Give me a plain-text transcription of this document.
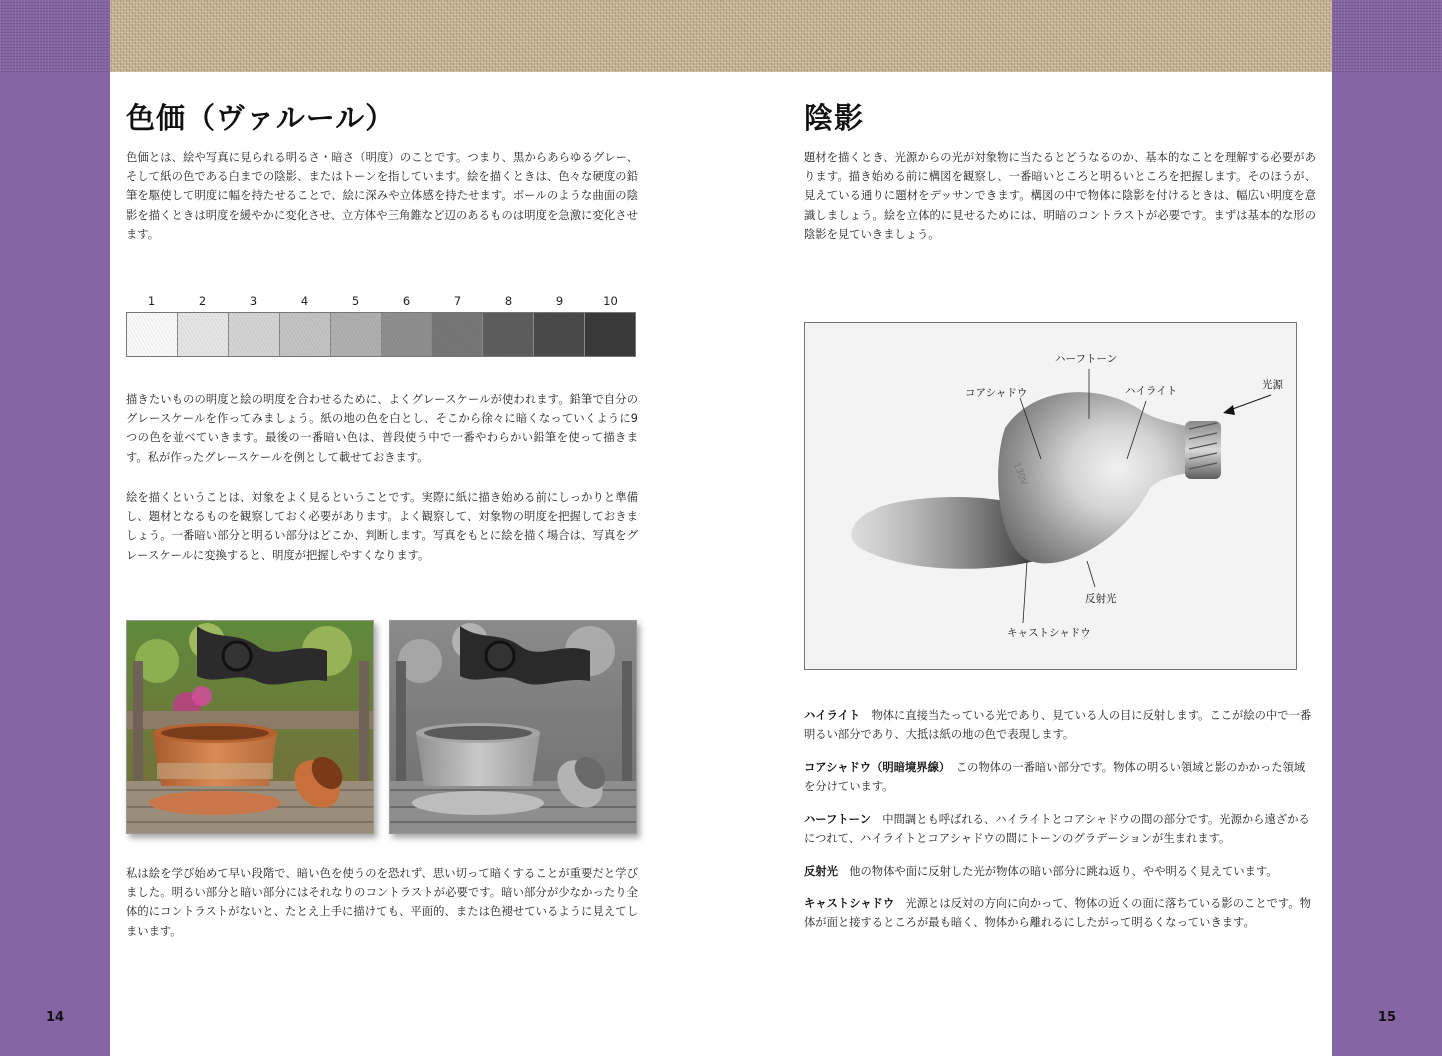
色価（ヴァルール）

色価とは、絵や写真に見られる明るさ・暗さ（明度）のことです。つまり、黒からあらゆるグレー、そして紙の色である白までの陰影、またはトーンを指しています。絵を描くときは、色々な硬度の鉛筆を駆使して明度に幅を持たせることで、絵に深みや立体感を持たせます。ボールのような曲面の陰影を描くときは明度を緩やかに変化させ、立方体や三角錐など辺のあるものは明度を急激に変化させます。

1	2	3	4	5	6	7	8	9	10

描きたいものの明度と絵の明度を合わせるために、よくグレースケールが使われます。鉛筆で自分のグレースケールを作ってみましょう。紙の地の色を白とし、そこから徐々に暗くなっていくように9つの色を並べていきます。最後の一番暗い色は、普段使う中で一番やわらかい鉛筆を使って描きます。私が作ったグレースケールを例として載せておきます。

絵を描くということは、対象をよく見るということです。実際に紙に描き始める前にしっかりと準備し、題材となるものを観察しておく必要があります。よく観察して、対象物の明度を把握しておきましょう。一番暗い部分と明るい部分はどこか、判断します。写真をもとに絵を描く場合は、写真をグレースケールに変換すると、明度が把握しやすくなります。

私は絵を学び始めて早い段階で、暗い色を使うのを恐れず、思い切って暗くすることが重要だと学びました。明るい部分と暗い部分にはそれなりのコントラストが必要です。暗い部分が少なかったり全体的にコントラストがないと、たとえ上手に描けても、平面的、または色褪せているように見えてしまいます。

14
陰影

題材を描くとき、光源からの光が対象物に当たるとどうなるのか、基本的なことを理解する必要があります。描き始める前に構図を観察し、一番暗いところと明るいところを把握します。そのほうが、見えている通りに題材をデッサンできます。構図の中で物体に陰影を付けるときは、幅広い明度を意識しましょう。絵を立体的に見せるためには、明暗のコントラストが必要です。まずは基本的な形の陰影を見ていきましょう。

ハーフトーン
コアシャドウ	ハイライト	光源
反射光
キャストシャドウ
130V
ハイライト　物体に直接当たっている光であり、見ている人の目に反射します。ここが絵の中で一番明るい部分であり、大抵は紙の地の色で表現します。
コアシャドウ（明暗境界線）　この物体の一番暗い部分です。物体の明るい領域と影のかかった領域を分けています。
ハーフトーン　中間調とも呼ばれる、ハイライトとコアシャドウの間の部分です。光源から遠ざかるにつれて、ハイライトとコアシャドウの間にトーンのグラデーションが生まれます。
反射光　他の物体や面に反射した光が物体の暗い部分に跳ね返り、やや明るく見えています。
キャストシャドウ　光源とは反対の方向に向かって、物体の近くの面に落ちている影のことです。物体が面と接するところが最も暗く、物体から離れるにしたがって明るくなっていきます。
15
